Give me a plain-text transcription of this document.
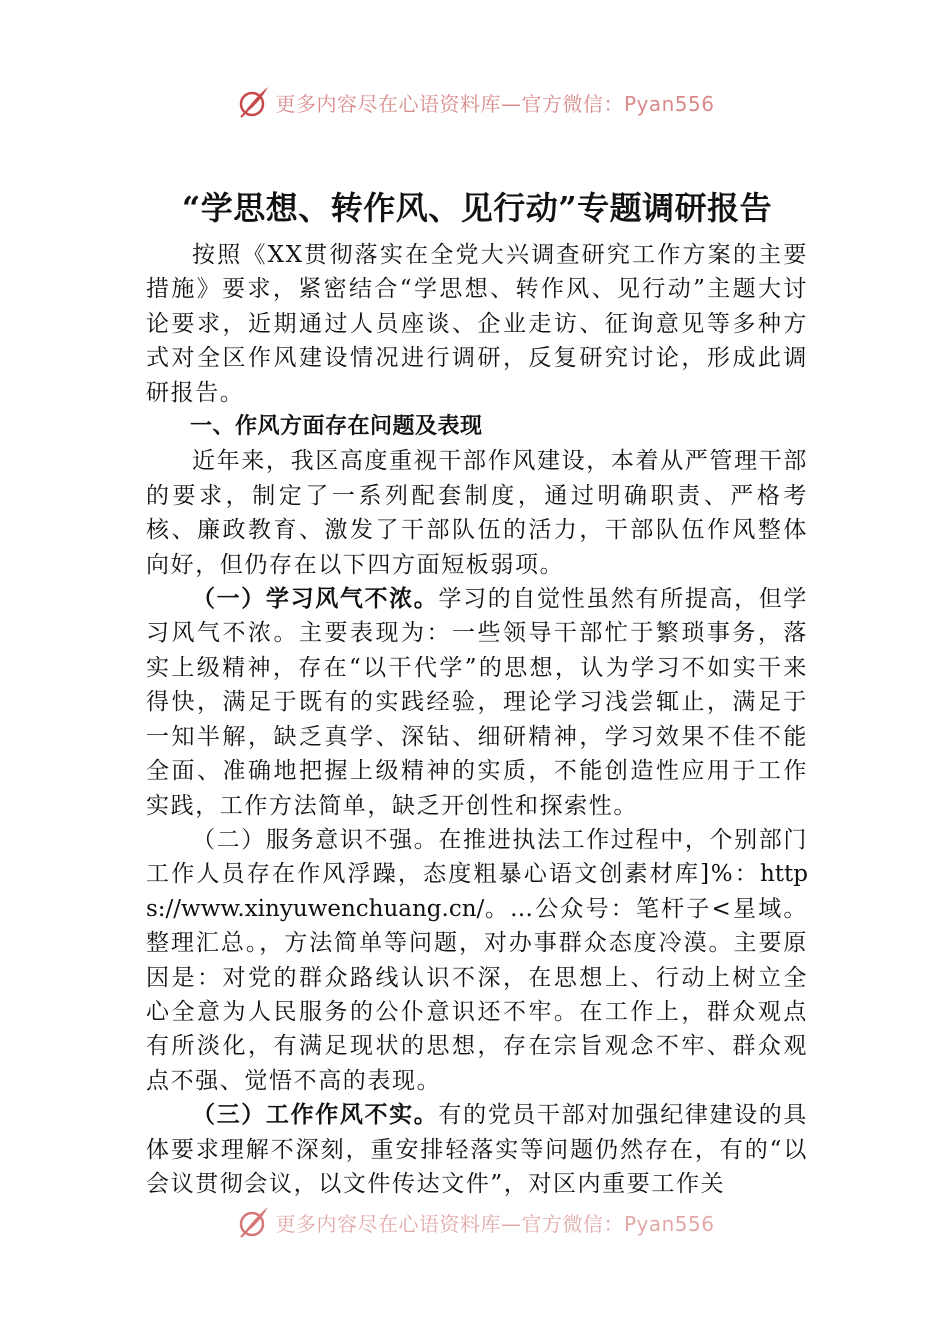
更多内容尽在心语资料库—官方微信：Pyan556
“学思想、转作风、见行动”专题调研报告

按照《XX贯彻落实在全党大兴调查研究工作方案的主要措施》要求，紧密结合“学思想、转作风、见行动”主题大讨论要求，近期通过人员座谈、企业走访、征询意见等多种方式对全区作风建设情况进行调研，反复研究讨论，形成此调研报告。

一、作风方面存在问题及表现

近年来，我区高度重视干部作风建设，本着从严管理干部的要求，制定了一系列配套制度，通过明确职责、严格考核、廉政教育、激发了干部队伍的活力，干部队伍作风整体向好，但仍存在以下四方面短板弱项。

（一）学习风气不浓。学习的自觉性虽然有所提高，但学习风气不浓。主要表现为：一些领导干部忙于繁琐事务，落实上级精神，存在“以干代学”的思想，认为学习不如实干来得快，满足于既有的实践经验，理论学习浅尝辄止，满足于一知半解，缺乏真学、深钻、细研精神，学习效果不佳不能全面、准确地把握上级精神的实质，不能创造性应用于工作实践，工作方法简单，缺乏开创性和探索性。

（二）服务意识不强。在推进执法工作过程中，个别部门工作人员存在作风浮躁，态度粗暴心语文创素材库]%：https://www.xinyuwenchuang.cn/。…公众号：笔杆子<星域。整理汇总。，方法简单等问题，对办事群众态度冷漠。主要原因是：对党的群众路线认识不深，在思想上、行动上树立全心全意为人民服务的公仆意识还不牢。在工作上，群众观点有所淡化，有满足现状的思想，存在宗旨观念不牢、群众观点不强、觉悟不高的表现。

（三）工作作风不实。有的党员干部对加强纪律建设的具体要求理解不深刻，重安排轻落实等问题仍然存在，有的“以会议贯彻会议，以文件传达文件”，对区内重要工作关

更多内容尽在心语资料库—官方微信：Pyan556
